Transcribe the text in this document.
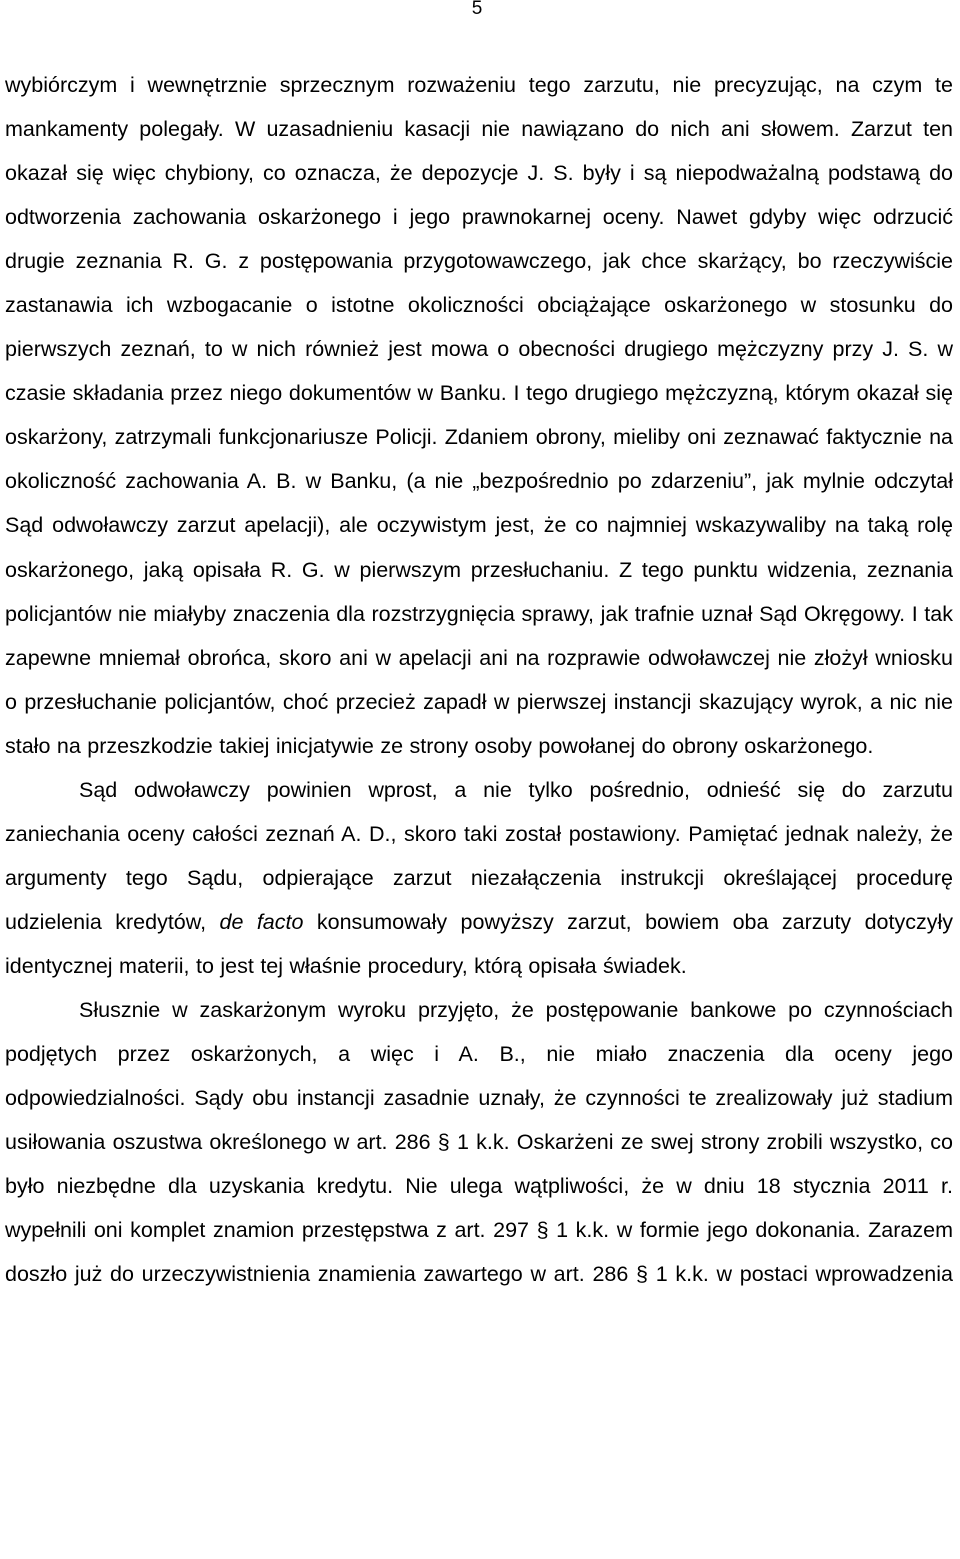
5

wybiórczym i wewnętrznie sprzecznym rozważeniu tego zarzutu, nie precyzując, na czym te mankamenty polegały. W uzasadnieniu kasacji nie nawiązano do nich ani słowem. Zarzut ten okazał się więc chybiony, co oznacza, że depozycje J. S. były i są niepodważalną podstawą do odtworzenia zachowania oskarżonego i jego prawnokarnej oceny. Nawet gdyby więc odrzucić drugie zeznania R. G. z postępowania przygotowawczego, jak chce skarżący, bo rzeczywiście zastanawia ich wzbogacanie o istotne okoliczności obciążające oskarżonego w stosunku do pierwszych zeznań, to w nich również jest mowa o obecności drugiego mężczyzny przy J. S. w czasie składania przez niego dokumentów w Banku. I tego drugiego mężczyzną, którym okazał się oskarżony, zatrzymali funkcjonariusze Policji. Zdaniem obrony, mieliby oni zeznawać faktycznie na okoliczność zachowania A. B. w Banku, (a nie „bezpośrednio po zdarzeniu”, jak mylnie odczytał Sąd odwoławczy zarzut apelacji), ale oczywistym jest, że co najmniej wskazywaliby na taką rolę oskarżonego, jaką opisała R. G. w pierwszym przesłuchaniu. Z tego punktu widzenia, zeznania policjantów nie miałyby znaczenia dla rozstrzygnięcia sprawy, jak trafnie uznał Sąd Okręgowy. I tak zapewne mniemał obrońca, skoro ani w apelacji ani na rozprawie odwoławczej nie złożył wniosku o przesłuchanie policjantów, choć przecież zapadł w pierwszej instancji skazujący wyrok, a nic nie stało na przeszkodzie takiej inicjatywie ze strony osoby powołanej do obrony oskarżonego.

Sąd odwoławczy powinien wprost, a nie tylko pośrednio, odnieść się do zarzutu zaniechania oceny całości zeznań A. D., skoro taki został postawiony. Pamiętać jednak należy, że argumenty tego Sądu, odpierające zarzut niezałączenia instrukcji określającej procedurę udzielenia kredytów, de facto konsumowały powyższy zarzut, bowiem oba zarzuty dotyczyły identycznej materii, to jest tej właśnie procedury, którą opisała świadek.

Słusznie w zaskarżonym wyroku przyjęto, że postępowanie bankowe po czynnościach podjętych przez oskarżonych, a więc i A. B., nie miało znaczenia dla oceny jego odpowiedzialności. Sądy obu instancji zasadnie uznały, że czynności te zrealizowały już stadium usiłowania oszustwa określonego w art. 286 § 1 k.k. Oskarżeni ze swej strony zrobili wszystko, co było niezbędne dla uzyskania kredytu. Nie ulega wątpliwości, że w dniu 18 stycznia 2011 r. wypełnili oni komplet znamion przestępstwa z art. 297 § 1 k.k. w formie jego dokonania. Zarazem doszło już do urzeczywistnienia znamienia zawartego w art. 286 § 1 k.k. w postaci wprowadzenia
